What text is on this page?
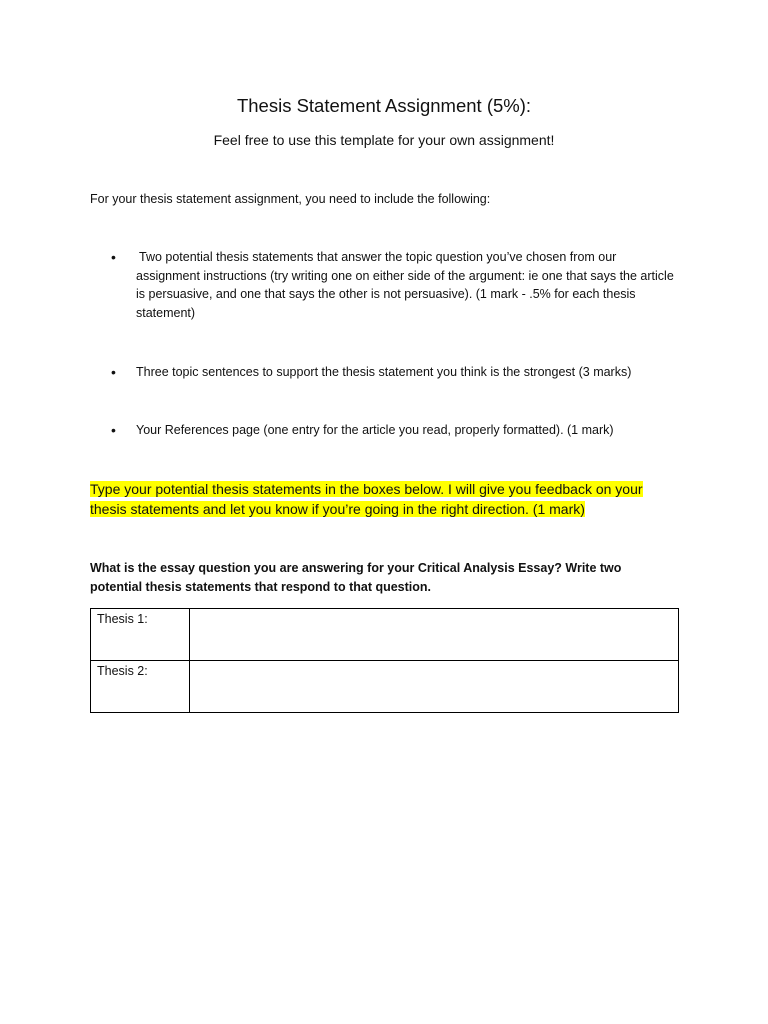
Thesis Statement Assignment (5%):

Feel free to use this template for your own assignment!

For your thesis statement assignment, you need to include the following:

• Two potential thesis statements that answer the topic question you’ve chosen from our assignment instructions (try writing one on either side of the argument: ie one that says the article is persuasive, and one that says the other is not persuasive). (1 mark - .5% for each thesis statement)
• Three topic sentences to support the thesis statement you think is the strongest (3 marks)
• Your References page (one entry for the article you read, properly formatted). (1 mark)

Type your potential thesis statements in the boxes below. I will give you feedback on your thesis statements and let you know if you’re going in the right direction. (1 mark)

What is the essay question you are answering for your Critical Analysis Essay? Write two potential thesis statements that respond to that question.

Thesis 1:	
Thesis 2:	
